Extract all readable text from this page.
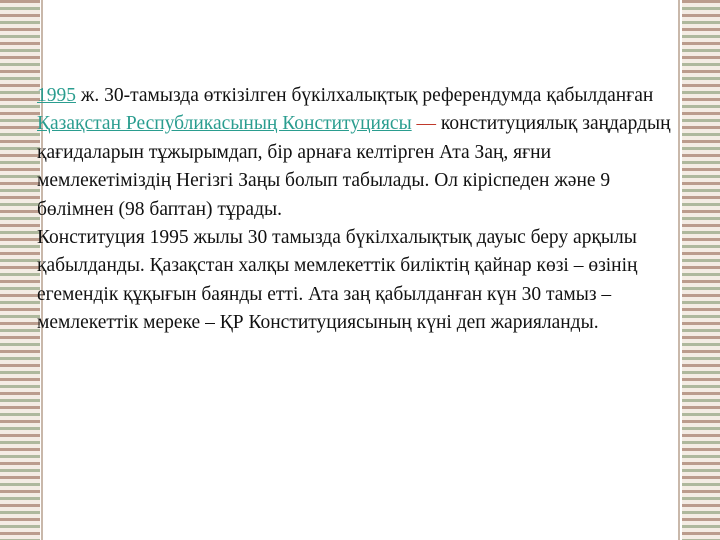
1995 ж. 30-тамызда өткізілген бүкілхалықтық референдумда қабылданған Қазақстан Республикасының Конституциясы — конституциялық заңдардың қағидаларын тұжырымдап, бір арнаға келтірген Ата Заң, яғни мемлекетіміздің Негізгі Заңы болып табылады. Ол кіріспеден және 9 бөлімнен (98 баптан) тұрады.

Конституция 1995 жылы 30 тамызда бүкілхалықтық дауыс беру арқылы қабылданды. Қазақстан халқы мемлекеттік биліктің қайнар көзі – өзінің егемендік құқығын баянды етті. Ата заң қабылданған күн 30 тамыз – мемлекеттік мереке – ҚР Конституциясының күні деп жарияланды.
